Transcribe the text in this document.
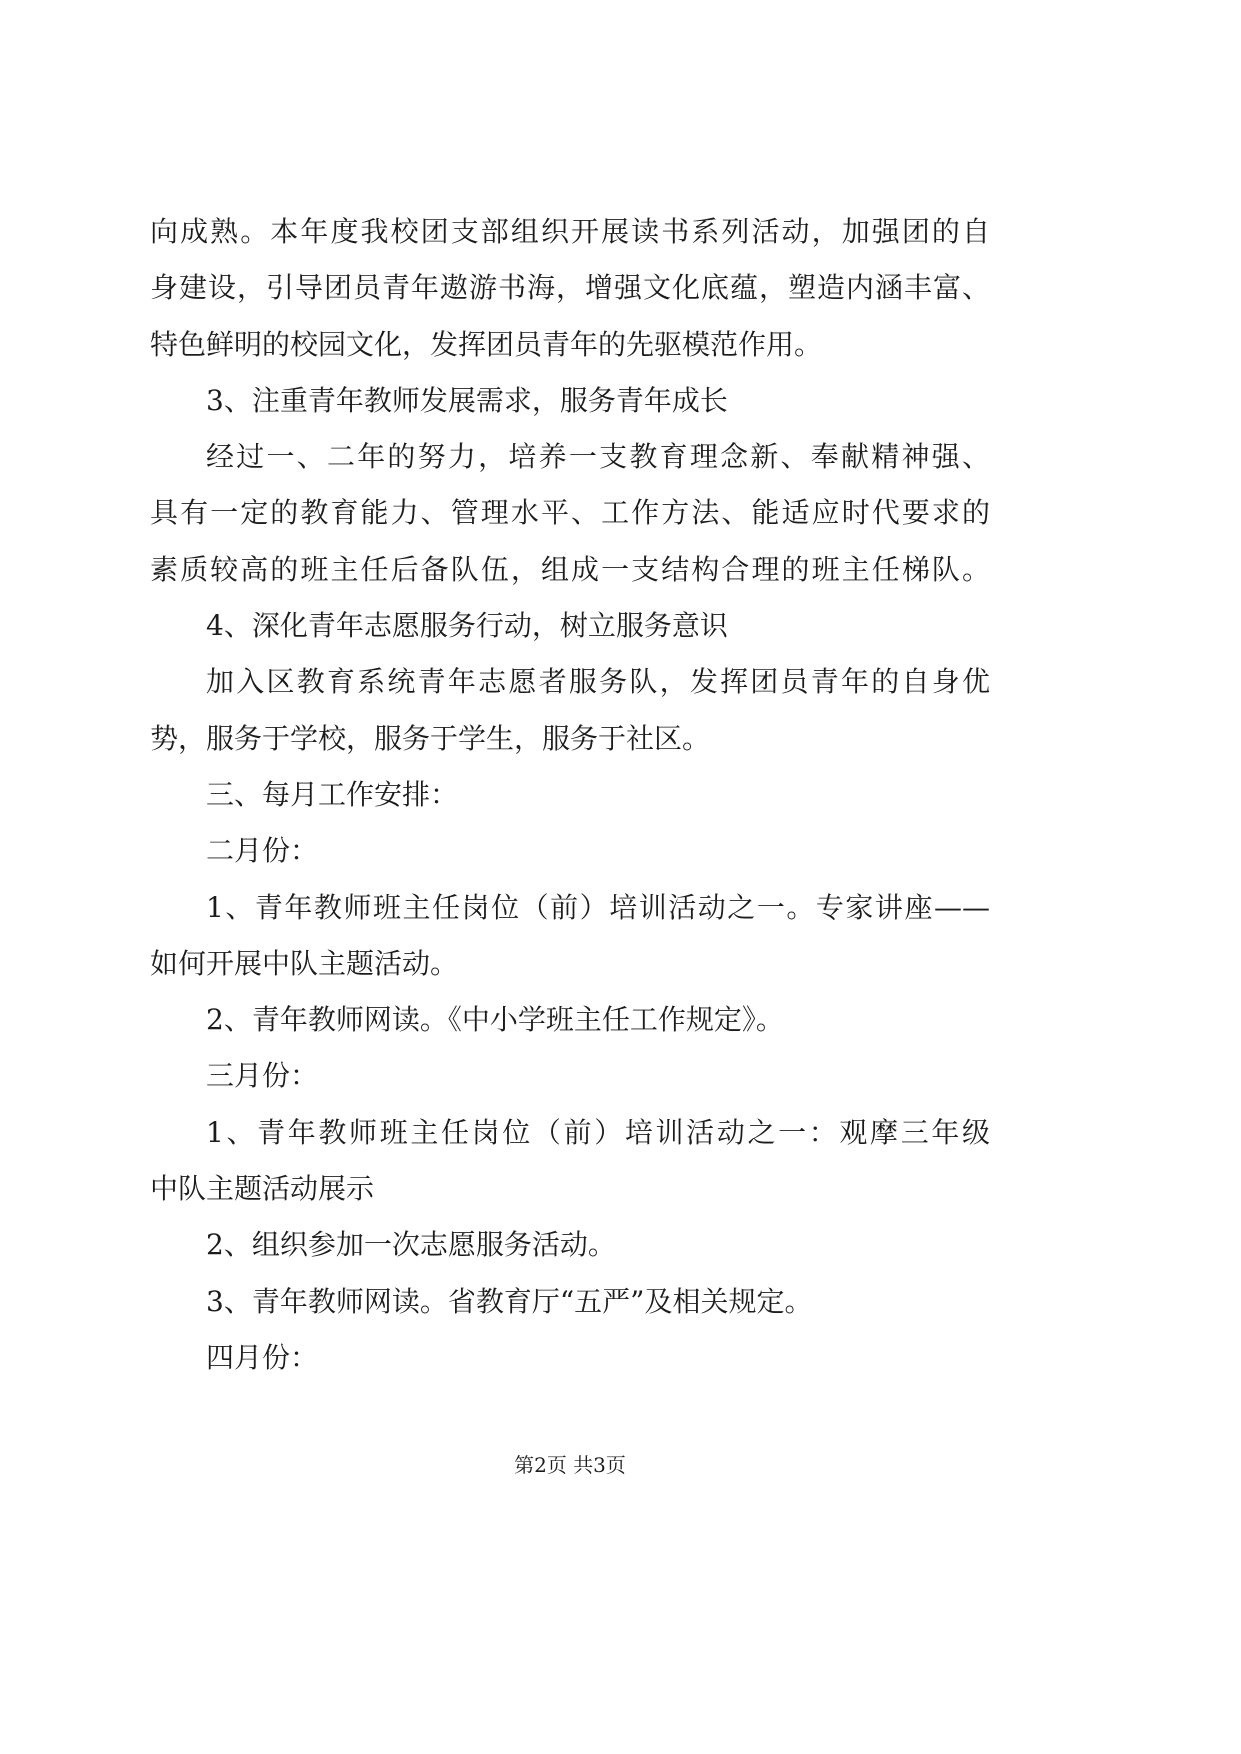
向成熟。本年度我校团支部组织开展读书系列活动，加强团的自
身建设，引导团员青年遨游书海，增强文化底蕴，塑造内涵丰富、
特色鲜明的校园文化，发挥团员青年的先驱模范作用。
3、注重青年教师发展需求，服务青年成长
经过一、二年的努力，培养一支教育理念新、奉献精神强、
具有一定的教育能力、管理水平、工作方法、能适应时代要求的
素质较高的班主任后备队伍，组成一支结构合理的班主任梯队。
4、深化青年志愿服务行动，树立服务意识
加入区教育系统青年志愿者服务队，发挥团员青年的自身优
势，服务于学校，服务于学生，服务于社区。
三、每月工作安排：
二月份：
1、青年教师班主任岗位（前）培训活动之一。专家讲座——
如何开展中队主题活动。
2、青年教师网读。《中小学班主任工作规定》。
三月份：
1、青年教师班主任岗位（前）培训活动之一：观摩三年级
中队主题活动展示
2、组织参加一次志愿服务活动。
3、青年教师网读。省教育厅“五严”及相关规定。
四月份：
第2页 共3页
